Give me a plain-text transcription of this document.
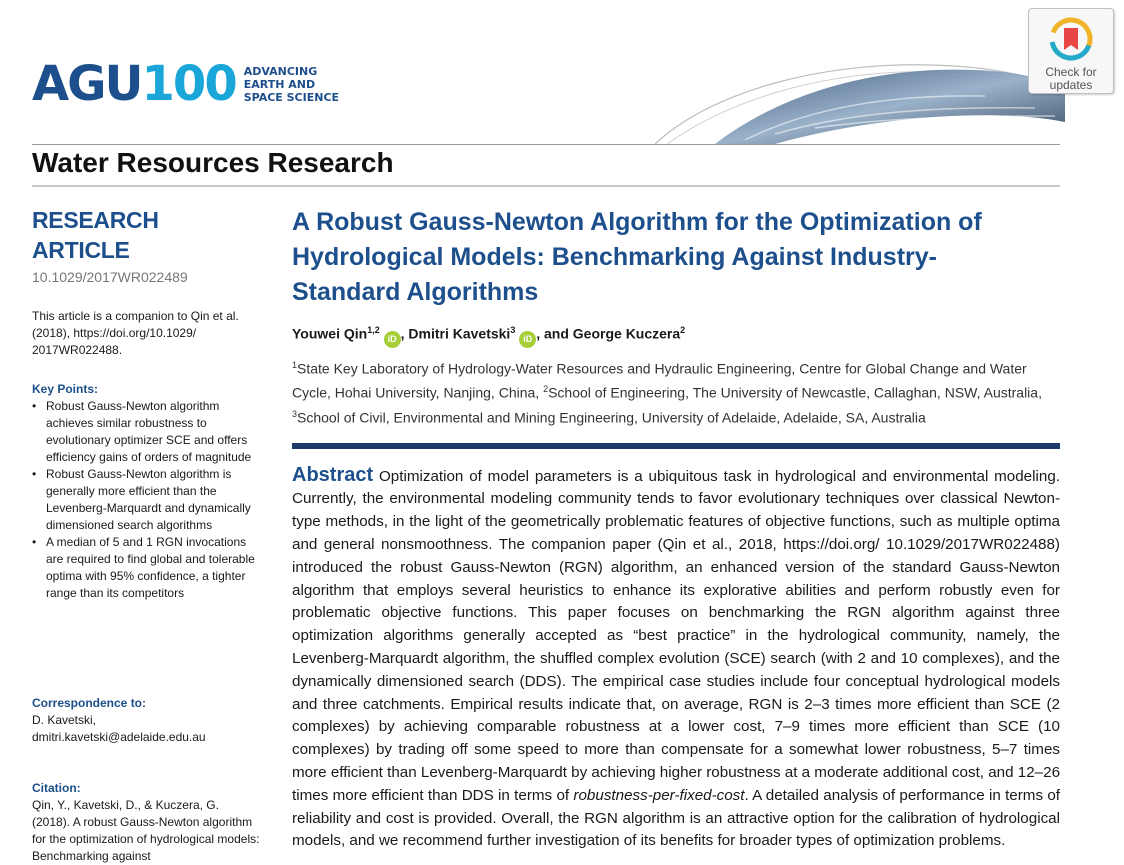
AGU 100 ADVANCING
EARTH AND
SPACE SCIENCE
Check for
updates
Water Resources Research
RESEARCH ARTICLE
10.1029/2017WR022489
This article is a companion to Qin et al. (2018), https://doi.org/10.1029/ 2017WR022488.
Key Points:
• Robust Gauss-Newton algorithm achieves similar robustness to evolutionary optimizer SCE and offers efficiency gains of orders of magnitude
• Robust Gauss-Newton algorithm is generally more efficient than the Levenberg-Marquardt and dynamically dimensioned search algorithms
• A median of 5 and 1 RGN invocations are required to find global and tolerable optima with 95% confidence, a tighter range than its competitors
Correspondence to:
D. Kavetski,
dmitri.kavetski@adelaide.edu.au
Citation:
Qin, Y., Kavetski, D., & Kuczera, G. (2018). A robust Gauss-Newton algorithm for the optimization of hydrological models: Benchmarking against
A Robust Gauss-Newton Algorithm for the Optimization of Hydrological Models: Benchmarking Against Industry-Standard Algorithms
Youwei Qin$^{1,2}$ iD , Dmitri Kavetski$^3$ iD , and George Kuczera$^2$
$^1$State Key Laboratory of Hydrology-Water Resources and Hydraulic Engineering, Centre for Global Change and Water Cycle, Hohai University, Nanjing, China, $^2$School of Engineering, The University of Newcastle, Callaghan, NSW, Australia,
$^3$School of Civil, Environmental and Mining Engineering, University of Adelaide, Adelaide, SA, Australia
Abstract Optimization of model parameters is a ubiquitous task in hydrological and environmental modeling. Currently, the environmental modeling community tends to favor evolutionary techniques over classical Newton-type methods, in the light of the geometrically problematic features of objective functions, such as multiple optima and general nonsmoothness. The companion paper (Qin et al., 2018, https://doi.org/ 10.1029/2017WR022488) introduced the robust Gauss-Newton (RGN) algorithm, an enhanced version of the standard Gauss-Newton algorithm that employs several heuristics to enhance its explorative abilities and perform robustly even for problematic objective functions. This paper focuses on benchmarking the RGN algorithm against three optimization algorithms generally accepted as “best practice” in the hydrological community, namely, the Levenberg-Marquardt algorithm, the shuffled complex evolution (SCE) search (with 2 and 10 complexes), and the dynamically dimensioned search (DDS). The empirical case studies include four conceptual hydrological models and three catchments. Empirical results indicate that, on average, RGN is 2–3 times more efficient than SCE (2 complexes) by achieving comparable robustness at a lower cost, 7–9 times more efficient than SCE (10 complexes) by trading off some speed to more than compensate for a somewhat lower robustness, 5–7 times more efficient than Levenberg-Marquardt by achieving higher robustness at a moderate additional cost, and 12–26 times more efficient than DDS in terms of robustness-per-fixed-cost. A detailed analysis of performance in terms of reliability and cost is provided. Overall, the RGN algorithm is an attractive option for the calibration of hydrological models, and we recommend further investigation of its benefits for broader types of optimization problems.
